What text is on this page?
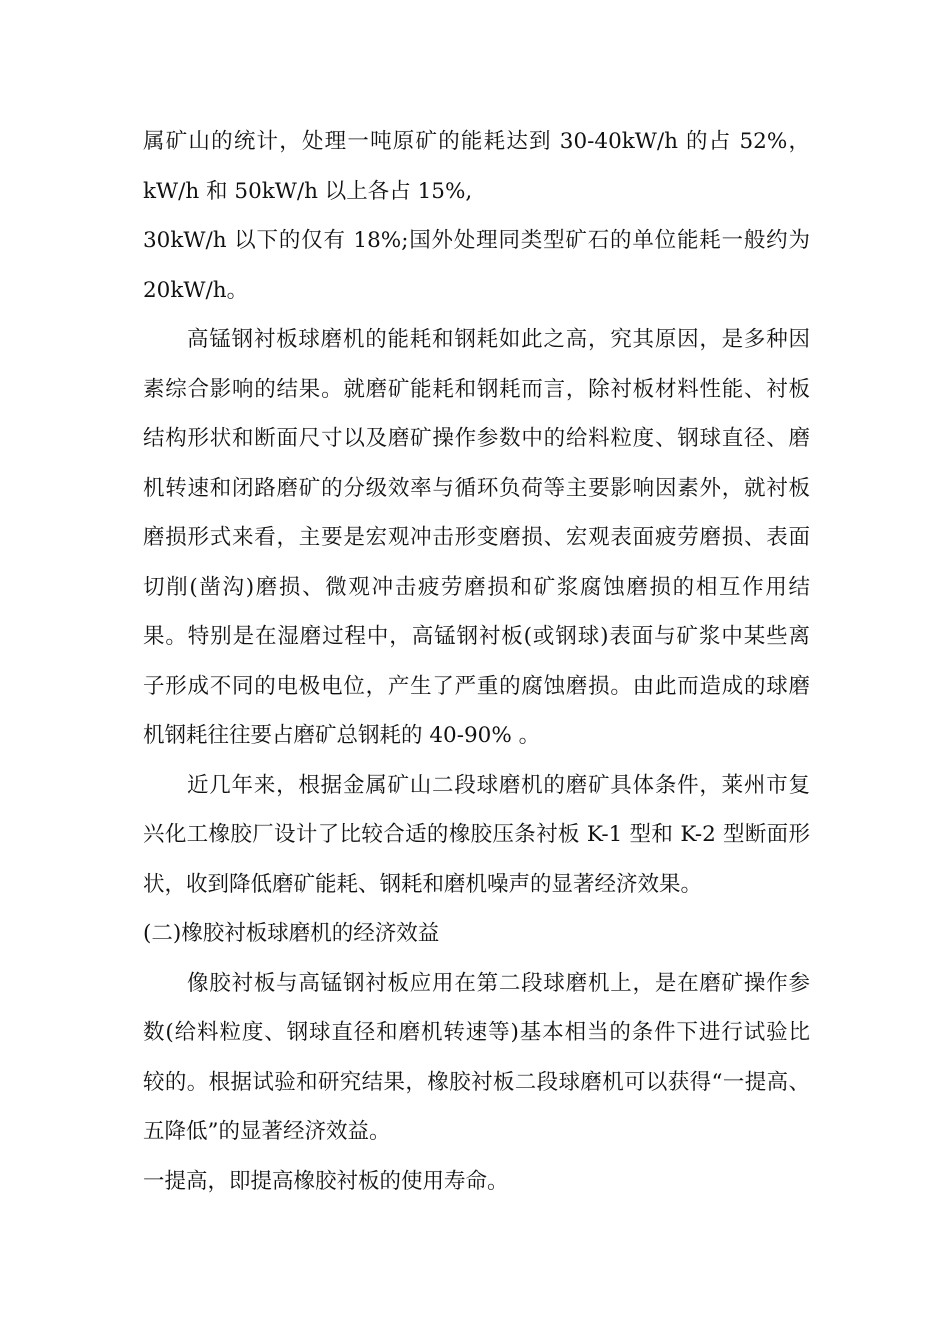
属矿山的统计，处理一吨原矿的能耗达到 30-40kW/h 的占 52%，
kW/h 和 50kW/h 以上各占 15%,
30kW/h 以下的仅有 18%;国外处理同类型矿石的单位能耗一般约为
20kW/h。
高锰钢衬板球磨机的能耗和钢耗如此之高，究其原因，是多种因
素综合影响的结果。就磨矿能耗和钢耗而言，除衬板材料性能、衬板
结构形状和断面尺寸以及磨矿操作参数中的给料粒度、钢球直径、磨
机转速和闭路磨矿的分级效率与循环负荷等主要影响因素外，就衬板
磨损形式来看，主要是宏观冲击形变磨损、宏观表面疲劳磨损、表面
切削(凿沟)磨损、微观冲击疲劳磨损和矿浆腐蚀磨损的相互作用结
果。特别是在湿磨过程中，高锰钢衬板(或钢球)表面与矿浆中某些离
子形成不同的电极电位，产生了严重的腐蚀磨损。由此而造成的球磨
机钢耗往往要占磨矿总钢耗的 40-90% 。
近几年来，根据金属矿山二段球磨机的磨矿具体条件，莱州市复
兴化工橡胶厂设计了比较合适的橡胶压条衬板 K-1 型和 K-2 型断面形
状，收到降低磨矿能耗、钢耗和磨机噪声的显著经济效果。
(二)橡胶衬板球磨机的经济效益
像胶衬板与高锰钢衬板应用在第二段球磨机上，是在磨矿操作参
数(给料粒度、钢球直径和磨机转速等)基本相当的条件下进行试验比
较的。根据试验和研究结果，橡胶衬板二段球磨机可以获得“一提高、
五降低”的显著经济效益。
一提高，即提高橡胶衬板的使用寿命。
